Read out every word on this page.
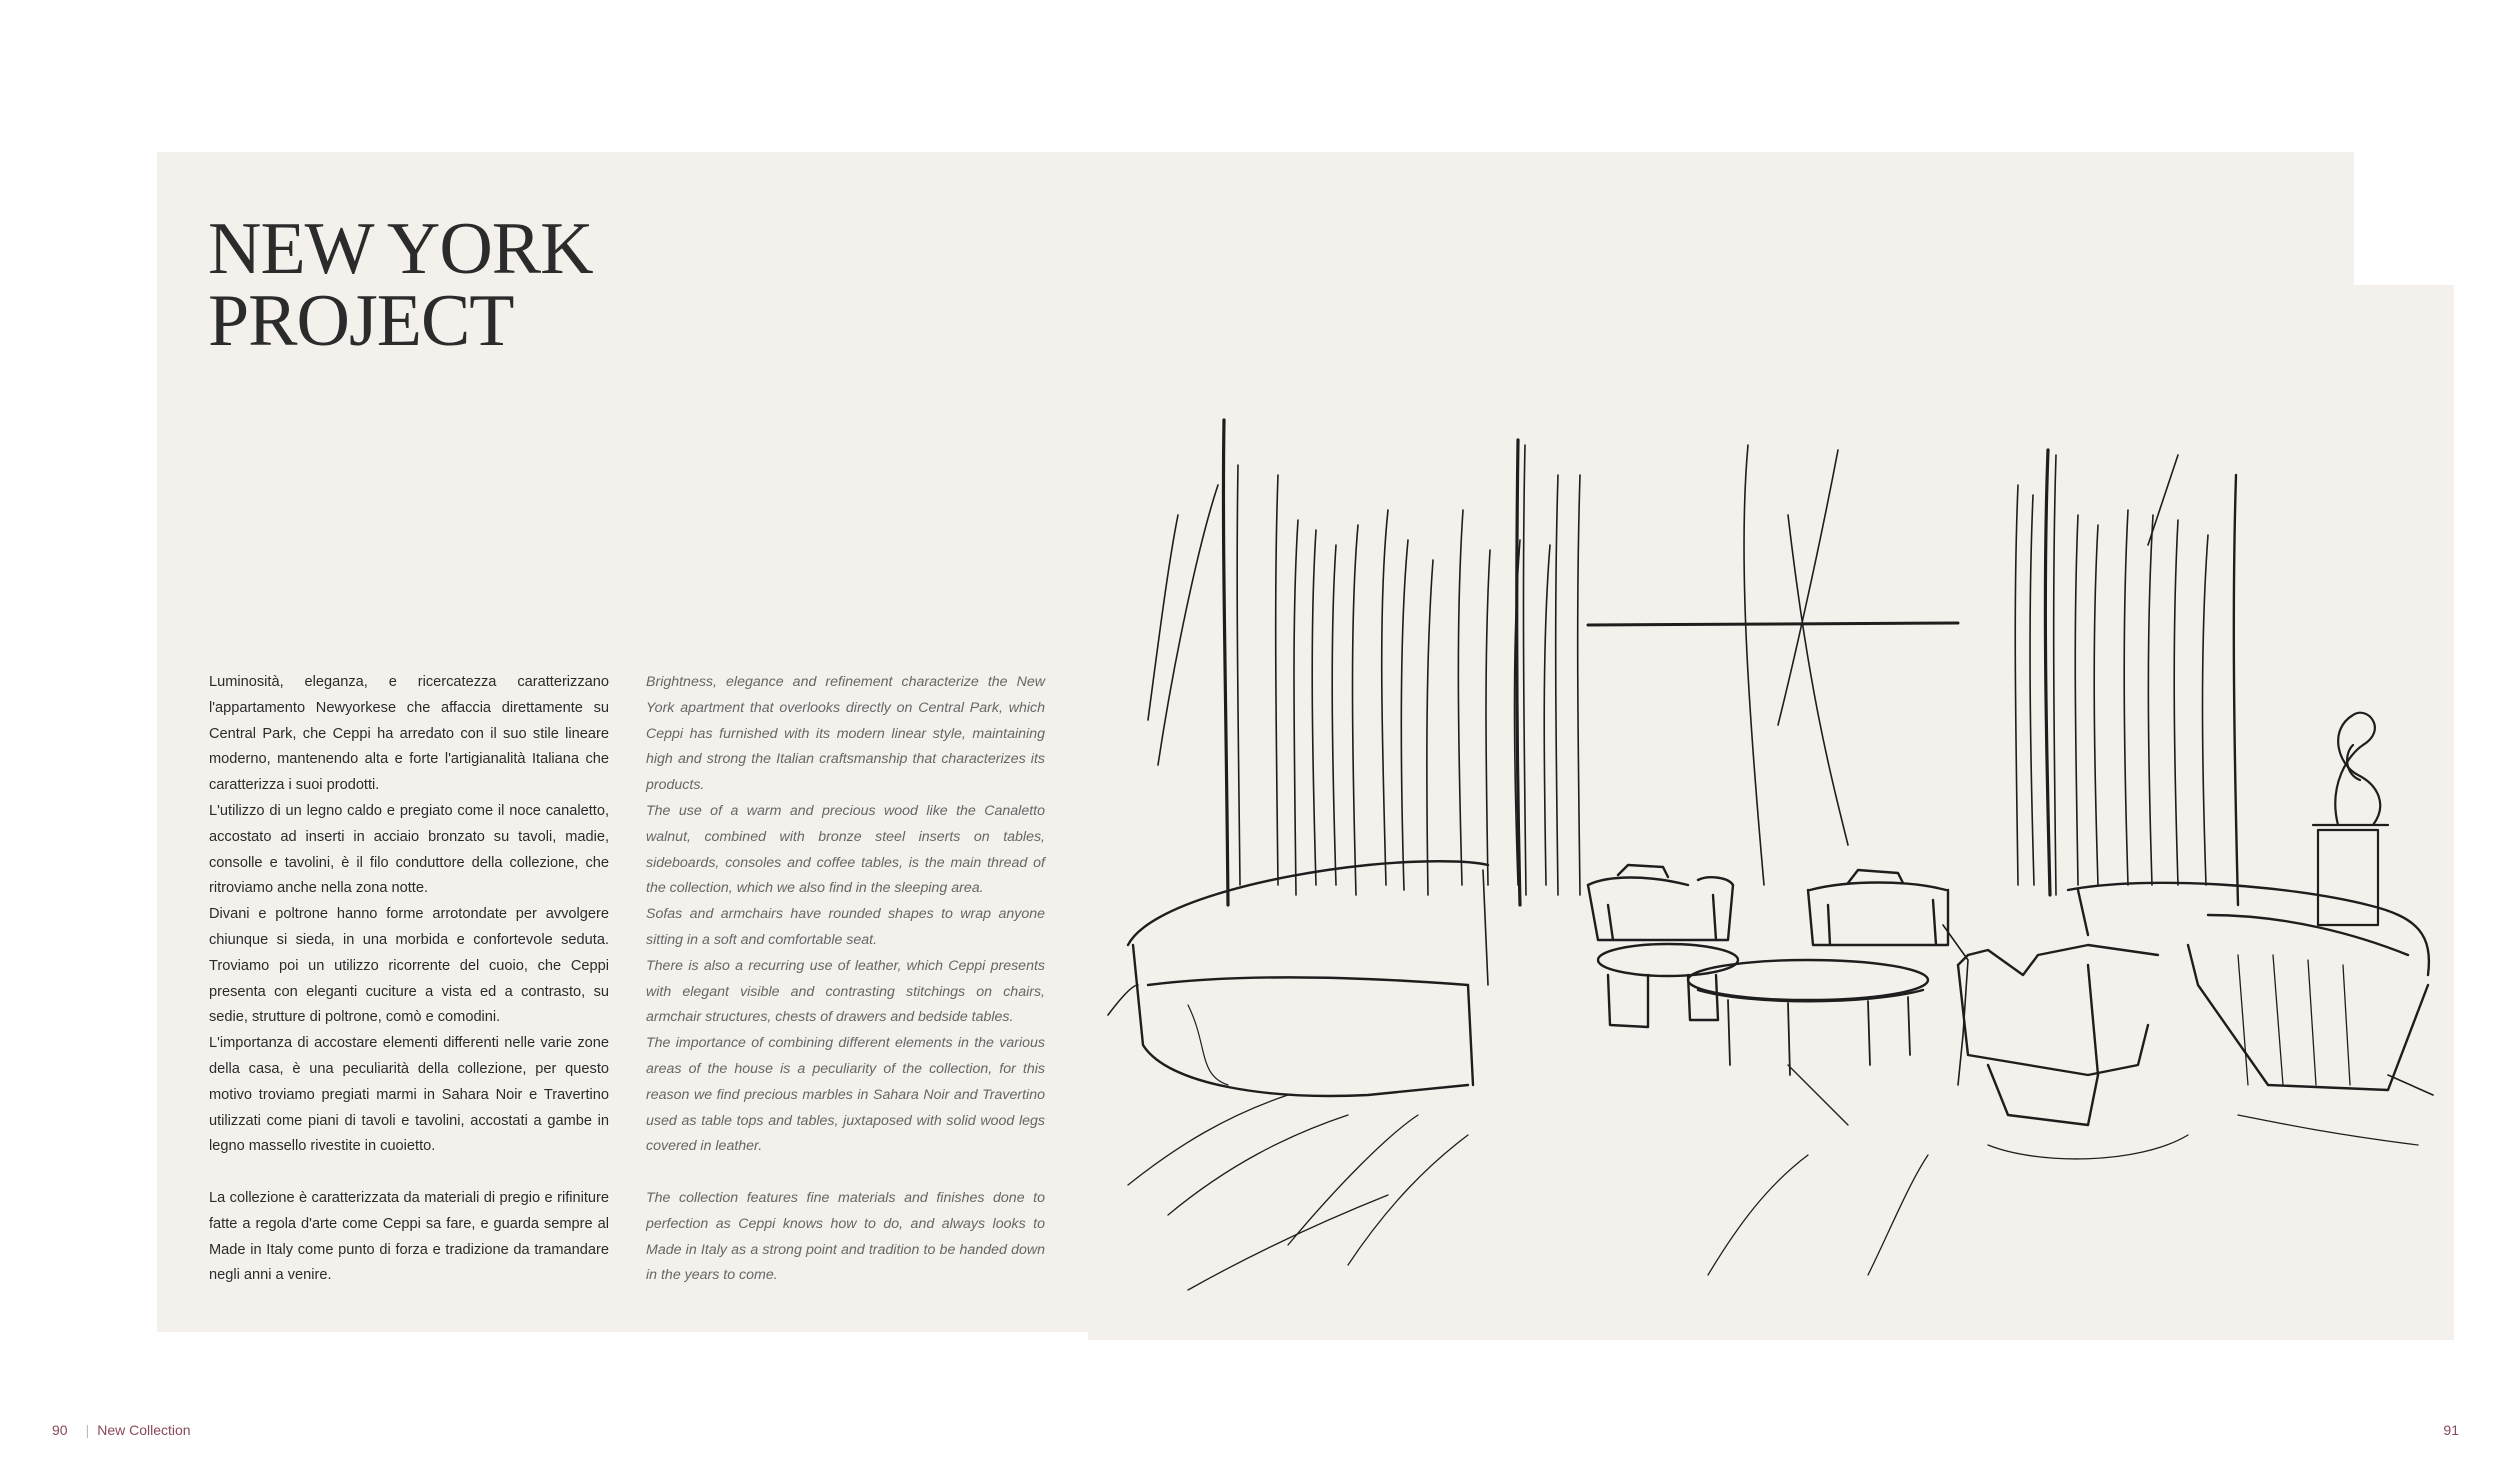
NEW YORK
PROJECT

Luminosità, eleganza, e ricercatezza caratterizzano l'appartamento Newyorkese che affaccia direttamente su Central Park, che Ceppi ha arredato con il suo stile lineare moderno, mantenendo alta e forte l'artigianalità Italiana che caratterizza i suoi prodotti.

L'utilizzo di un legno caldo e pregiato come il noce canaletto, accostato ad inserti in acciaio bronzato su tavoli, madie, consolle e tavolini, è il filo conduttore della collezione, che ritroviamo anche nella zona notte.

Divani e poltrone hanno forme arrotondate per avvolgere chiunque si sieda, in una morbida e confortevole seduta. Troviamo poi un utilizzo ricorrente del cuoio, che Ceppi presenta con eleganti cuciture a vista ed a contrasto, su sedie, strutture di poltrone, comò e comodini.

L'importanza di accostare elementi differenti nelle varie zone della casa, è una peculiarità della collezione, per questo motivo troviamo pregiati marmi in Sahara Noir e Travertino utilizzati come piani di tavoli e tavolini, accostati a gambe in legno massello rivestite in cuoietto.

La collezione è caratterizzata da materiali di pregio e rifiniture fatte a regola d'arte come Ceppi sa fare, e guarda sempre al Made in Italy come punto di forza e tradizione da tramandare negli anni a venire.

Brightness, elegance and refinement characterize the New York apartment that overlooks directly on Central Park, which Ceppi has furnished with its modern linear style, maintaining high and strong the Italian craftsmanship that characterizes its products.

The use of a warm and precious wood like the Canaletto walnut, combined with bronze steel inserts on tables, sideboards, consoles and coffee tables, is the main thread of the collection, which we also find in the sleeping area.

Sofas and armchairs have rounded shapes to wrap anyone sitting in a soft and comfortable seat.

There is also a recurring use of leather, which Ceppi presents with elegant visible and contrasting stitchings on chairs, armchair structures, chests of drawers and bedside tables.

The importance of combining different elements in the various areas of the house is a peculiarity of the collection, for this reason we find precious marbles in Sahara Noir and Travertino used as table tops and tables, juxtaposed with solid wood legs covered in leather.

The collection features fine materials and finishes done to perfection as Ceppi knows how to do, and always looks to Made in Italy as a strong point and tradition to be handed down in the years to come.

90 | New Collection	91
